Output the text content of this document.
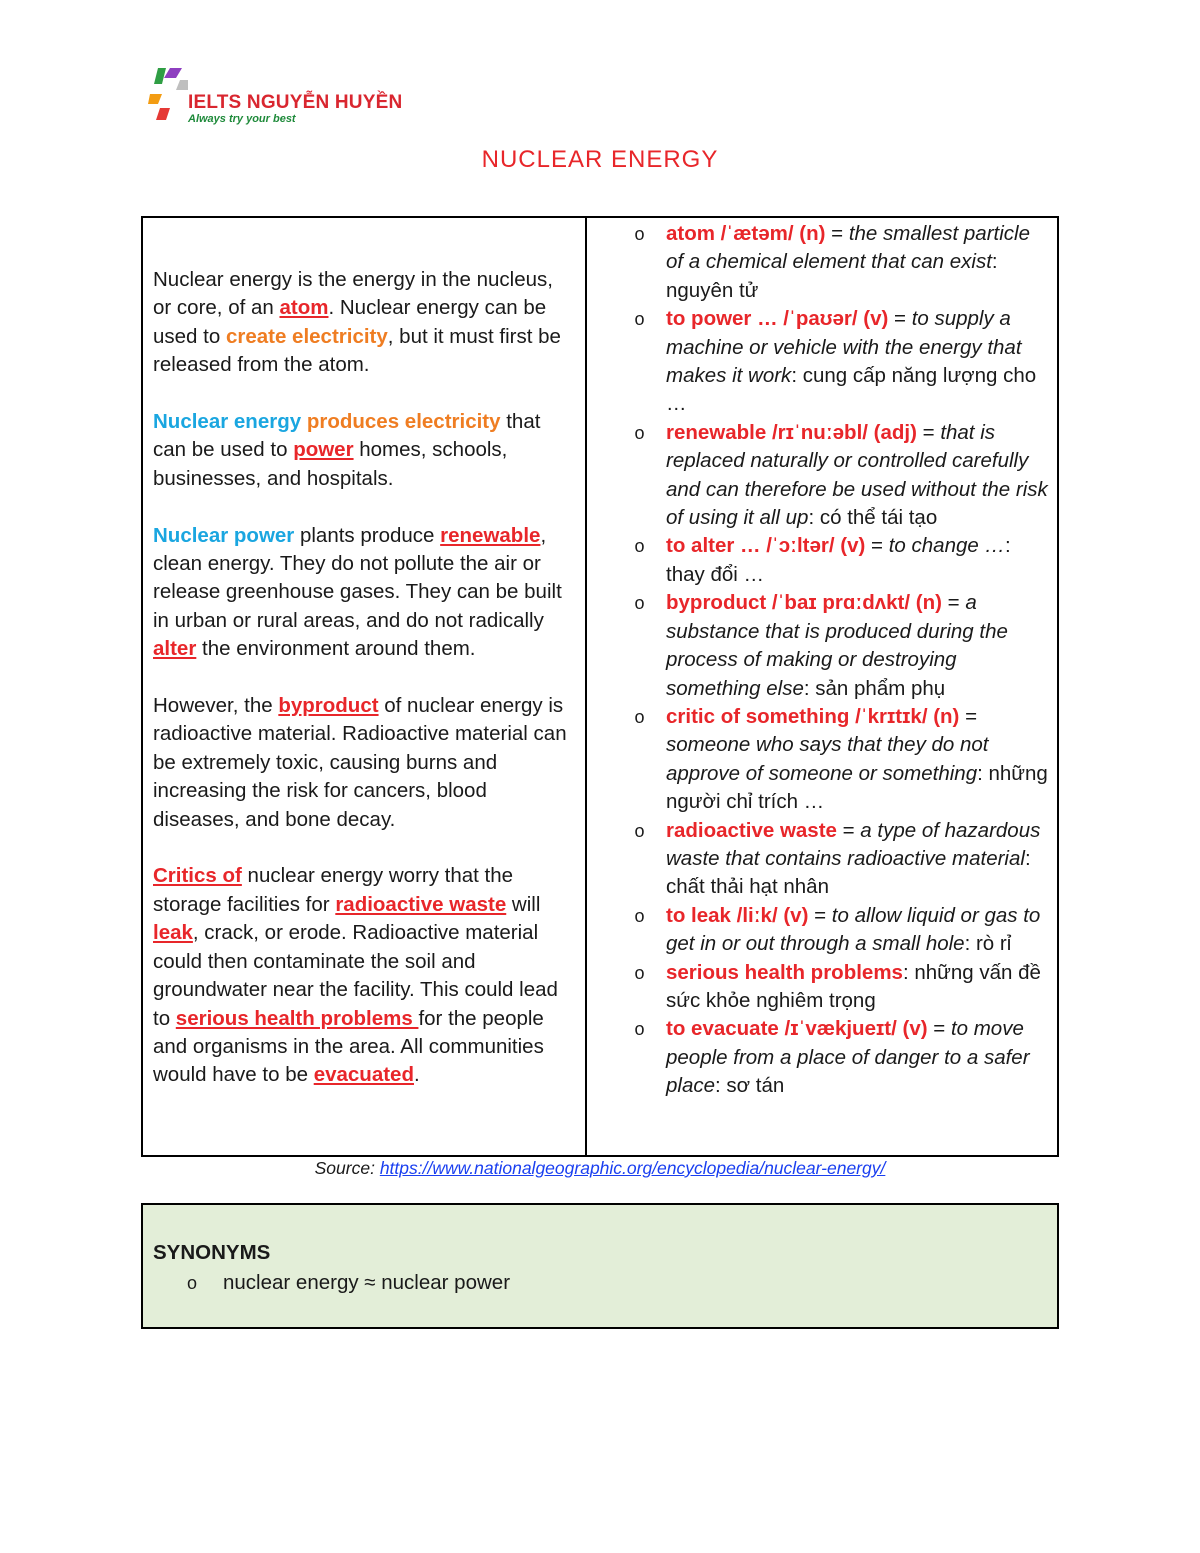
IELTS NGUYỄN HUYỀN
Always try your best
NUCLEAR ENERGY

Nuclear energy is the energy in the nucleus, or core, of an atom. Nuclear energy can be used to create electricity, but it must first be released from the atom.

Nuclear energy produces electricity that can be used to power homes, schools, businesses, and hospitals.

Nuclear power plants produce renewable, clean energy. They do not pollute the air or release greenhouse gases. They can be built in urban or rural areas, and do not radically alter the environment around them.

However, the byproduct of nuclear energy is radioactive material. Radioactive material can be extremely toxic, causing burns and increasing the risk for cancers, blood diseases, and bone decay.

Critics of nuclear energy worry that the storage facilities for radioactive waste will leak, crack, or erode. Radioactive material could then contaminate the soil and groundwater near the facility. This could lead to serious health problems for the people and organisms in the area. All communities would have to be evacuated.

o	atom /ˈætəm/ (n) = the smallest particle of a chemical element that can exist: nguyên tử
o	to power … /ˈpaʊər/ (v) = to supply a machine or vehicle with the energy that makes it work: cung cấp năng lượng cho …
o	renewable /rɪˈnuːəbl/ (adj) = that is replaced naturally or controlled carefully and can therefore be used without the risk of using it all up: có thể tái tạo
o	to alter … /ˈɔːltər/ (v) = to change …: thay đổi …
o	byproduct /ˈbaɪ prɑːdʌkt/ (n) = a substance that is produced during the process of making or destroying something else: sản phẩm phụ
o	critic of something /ˈkrɪtɪk/ (n) = someone who says that they do not approve of someone or something: những người chỉ trích …
o	radioactive waste = a type of hazardous waste that contains radioactive material: chất thải hạt nhân
o	to leak /liːk/ (v) = to allow liquid or gas to get in or out through a small hole: rò rỉ
o	serious health problems: những vấn đề sức khỏe nghiêm trọng
o	to evacuate /ɪˈvækjueɪt/ (v) = to move people from a place of danger to a safer place: sơ tán
Source: https://www.nationalgeographic.org/encyclopedia/nuclear-energy/
SYNONYMS
o	nuclear energy ≈ nuclear power
